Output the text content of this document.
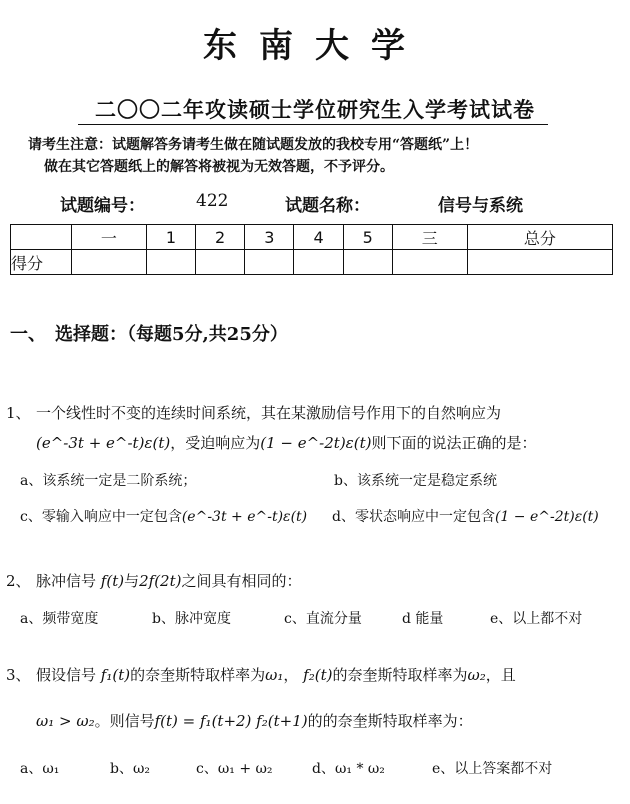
东南大学
二〇〇二年攻读硕士学位研究生入学考试试卷
请考生注意：试题解答务请考生做在随试题发放的我校专用“答题纸”上！
做在其它答题纸上的解答将被视为无效答题，不予评分。
试题编号：	422	试题名称：	信号与系统
	一	1	2	3	4	5	三	总分
得分								
一、　选择题：（每题5分,共25分）
1、 一个线性时不变的连续时间系统，其在某激励信号作用下的自然响应为
(e^-3t + e^-t)ε(t)，受迫响应为(1 − e^-2t)ε(t)则下面的说法正确的是：
a、该系统一定是二阶系统；	b、该系统一定是稳定系统
c、零输入响应中一定包含(e^-3t + e^-t)ε(t) d、零状态响应中一定包含(1 − e^-2t)ε(t)
2、 脉冲信号 f(t)与2f(2t)之间具有相同的：
a、频带宽度	b、脉冲宽度	c、直流分量	d 能量	e、以上都不对
3、 假设信号 f₁(t)的奈奎斯特取样率为ω₁， f₂(t)的奈奎斯特取样率为ω₂，且
ω₁ > ω₂。则信号f(t) = f₁(t+2) f₂(t+1)的的奈奎斯特取样率为：
a、ω₁	b、ω₂	c、ω₁ + ω₂	d、ω₁ * ω₂	e、以上答案都不对
